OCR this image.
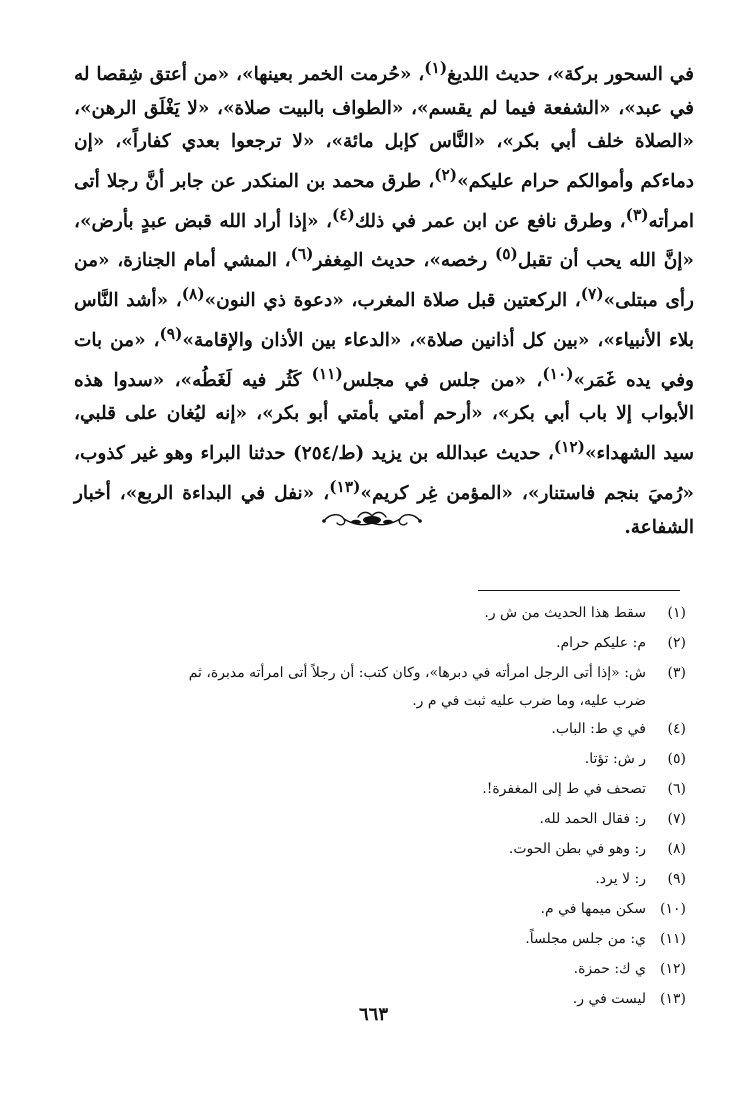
في السحور بركة»، حديث اللديغ$^{(١)}$، «حُرمت الخمر بعينها»، «من أعتق شِقصا له في عبد»، «الشفعة فيما لم يقسم»، «الطواف بالبيت صلاة»، «لا يَغْلَق الرهن»، «الصلاة خلف أبي بكر»، «النَّاس كإبل مائة»، «لا ترجعوا بعدي كفاراً»، «إن دماءكم وأموالكم حرام عليكم»$^{(٢)}$، طرق محمد بن المنكدر عن جابر أنَّ رجلا أتى امرأته$^{(٣)}$، وطرق نافع عن ابن عمر في ذلك$^{(٤)}$، «إذا أراد الله قبض عبدٍ بأرض»، «إنَّ الله يحب أن تقبل$^{(٥)}$ رخصه»، حديث المِغفر$^{(٦)}$، المشي أمام الجنازة، «من رأى مبتلى»$^{(٧)}$، الركعتين قبل صلاة المغرب، «دعوة ذي النون»$^{(٨)}$، «أشد النَّاس بلاء الأنبياء»، «بين كل أذانين صلاة»، «الدعاء بين الأذان والإقامة»$^{(٩)}$، «من بات وفي يده غَمَر»$^{(١٠)}$، «من جلس في مجلس$^{(١١)}$ كَثُر فيه لَغَطُه»، «سدوا هذه الأبواب إلا باب أبي بكر»، «أرحم أمتي بأمتي أبو بكر»، «إنه ليُغان على قلبي، سيد الشهداء»$^{(١٢)}$، حديث عبدالله بن يزيد (ط/٢٥٤) حدثنا البراء وهو غير كذوب، «رُميَ بنجم فاستنار»، «المؤمن غِر كريم»$^{(١٣)}$، «نفل في البداءة الربع»، أخبار الشفاعة.
(١)
سقط هذا الحديث من ش ر.
(٢)
م: عليكم حرام.
(٣)
ش: «إذا أتى الرجل امرأته في دبرها»، وكان كتب: أن رجلاً أتى امرأته مدبرة، ثم
ضرب عليه، وما ضرب عليه ثبت في م ر.
(٤)
في ي ط: الباب.
(٥)
ر ش: تؤتا.
(٦)
تصحف في ط إلى المغفرة!.
(٧)
ر: فقال الحمد لله.
(٨)
ر: وهو في بطن الحوت.
(٩)
ر: لا يرد.
(١٠)
سكن ميمها في م.
(١١)
ي: من جلس مجلساً.
(١٢)
ي ك: حمزة.
(١٣)
ليست في ر.
٦٦٣
